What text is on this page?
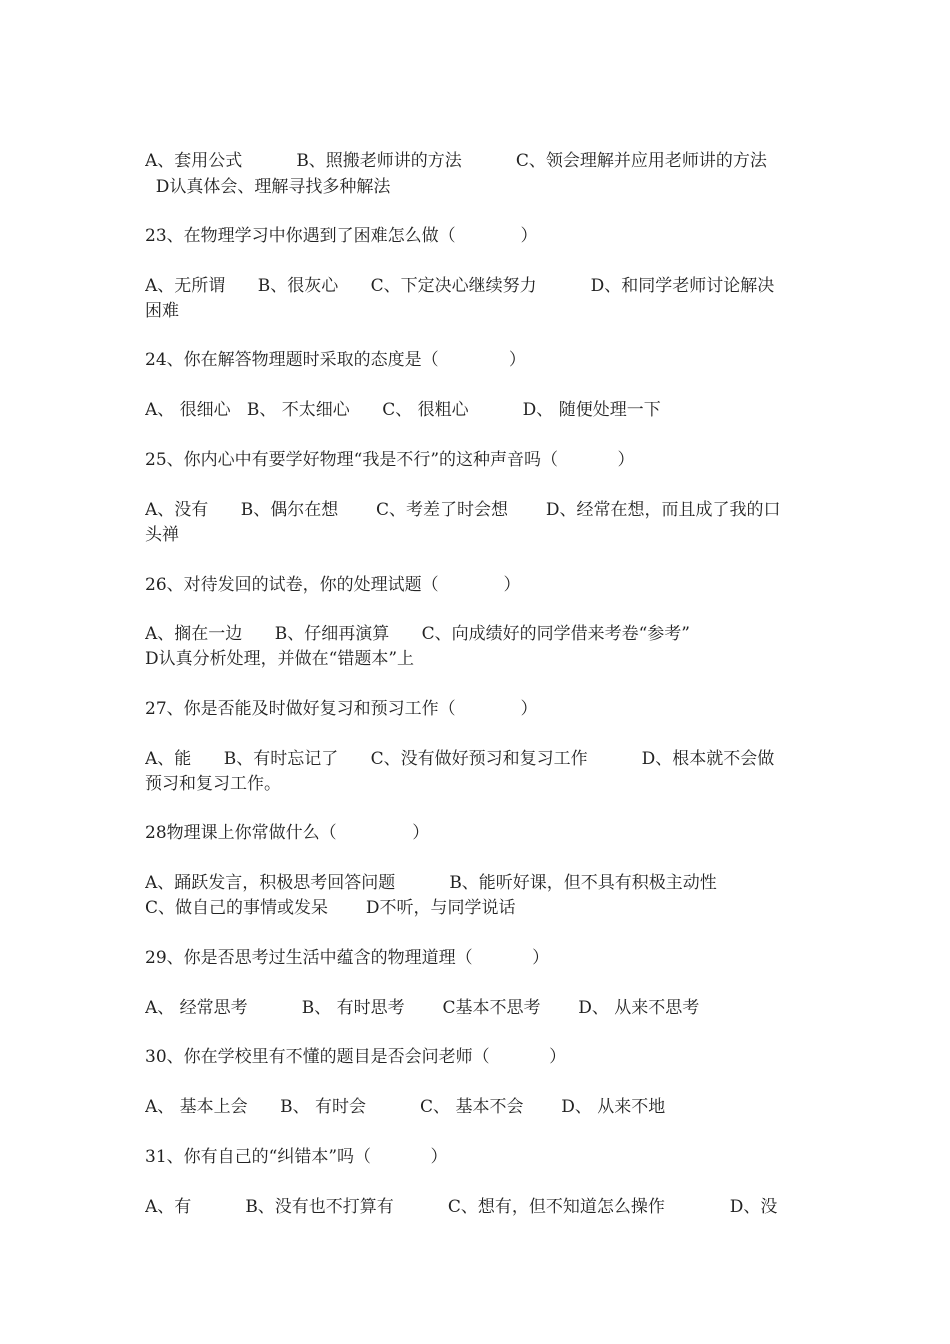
A、套用公式          B、照搬老师讲的方法          C、领会理解并应用老师讲的方法
D认真体会、理解寻找多种解法
23、在物理学习中你遇到了困难怎么做（            ）
A、无所谓      B、很灰心      C、下定决心继续努力          D、和同学老师讨论解决
困难
24、你在解答物理题时采取的态度是（             ）
A、 很细心   B、 不太细心      C、 很粗心          D、 随便处理一下
25、你内心中有要学好物理“我是不行”的这种声音吗（           ）
A、没有      B、偶尔在想       C、考差了时会想       D、经常在想，而且成了我的口
头禅
26、对待发回的试卷，你的处理试题（            ）
A、搁在一边      B、仔细再演算      C、向成绩好的同学借来考卷“参考”
D认真分析处理，并做在“错题本”上
27、你是否能及时做好复习和预习工作（            ）
A、能      B、有时忘记了      C、没有做好预习和复习工作          D、根本就不会做
预习和复习工作。
28物理课上你常做什么（              ）
A、踊跃发言，积极思考回答问题          B、能听好课，但不具有积极主动性
C、做自己的事情或发呆       D不听，与同学说话
29、你是否思考过生活中蕴含的物理道理（           ）
A、 经常思考          B、 有时思考       C基本不思考       D、 从来不思考
30、你在学校里有不懂的题目是否会问老师（           ）
A、 基本上会      B、 有时会          C、 基本不会       D、 从来不地
31、你有自己的“纠错本”吗（           ）
A、有          B、没有也不打算有          C、想有，但不知道怎么操作            D、没
